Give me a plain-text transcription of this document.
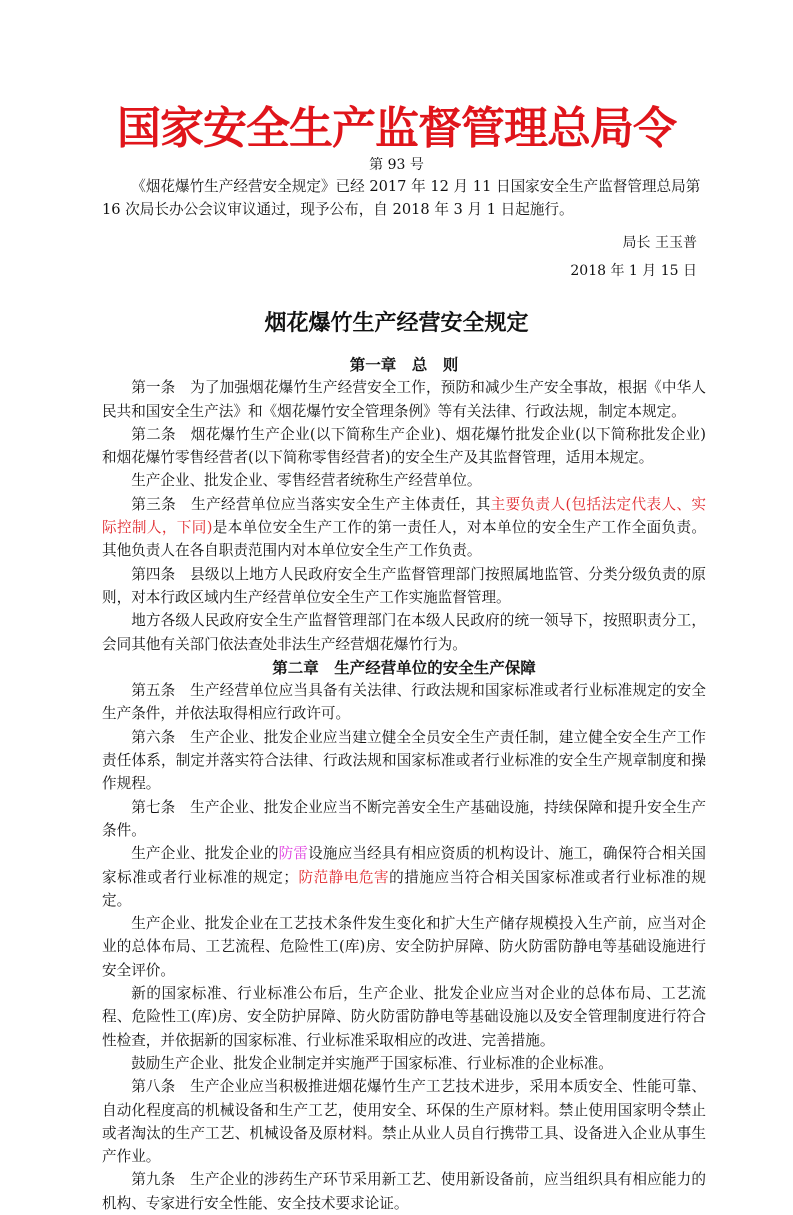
国家安全生产监督管理总局令
第 93 号
《烟花爆竹生产经营安全规定》已经 2017 年 12 月 11 日国家安全生产监督管理总局第 16 次局长办公会议审议通过，现予公布，自 2018 年 3 月 1 日起施行。
局长 王玉普
2018 年 1 月 15 日
烟花爆竹生产经营安全规定
第一章　总　则

第一条　为了加强烟花爆竹生产经营安全工作，预防和减少生产安全事故，根据《中华人民共和国安全生产法》和《烟花爆竹安全管理条例》等有关法律、行政法规，制定本规定。

第二条　烟花爆竹生产企业(以下简称生产企业)、烟花爆竹批发企业(以下简称批发企业)和烟花爆竹零售经营者(以下简称零售经营者)的安全生产及其监督管理，适用本规定。

生产企业、批发企业、零售经营者统称生产经营单位。

第三条　生产经营单位应当落实安全生产主体责任，其主要负责人(包括法定代表人、实际控制人，下同)是本单位安全生产工作的第一责任人，对本单位的安全生产工作全面负责。其他负责人在各自职责范围内对本单位安全生产工作负责。

第四条　县级以上地方人民政府安全生产监督管理部门按照属地监管、分类分级负责的原则，对本行政区域内生产经营单位安全生产工作实施监督管理。

地方各级人民政府安全生产监督管理部门在本级人民政府的统一领导下，按照职责分工，会同其他有关部门依法查处非法生产经营烟花爆竹行为。

第二章　生产经营单位的安全生产保障

第五条　生产经营单位应当具备有关法律、行政法规和国家标准或者行业标准规定的安全生产条件，并依法取得相应行政许可。

第六条　生产企业、批发企业应当建立健全全员安全生产责任制，建立健全安全生产工作责任体系，制定并落实符合法律、行政法规和国家标准或者行业标准的安全生产规章制度和操作规程。

第七条　生产企业、批发企业应当不断完善安全生产基础设施，持续保障和提升安全生产条件。

生产企业、批发企业的防雷设施应当经具有相应资质的机构设计、施工，确保符合相关国家标准或者行业标准的规定；防范静电危害的措施应当符合相关国家标准或者行业标准的规定。

生产企业、批发企业在工艺技术条件发生变化和扩大生产储存规模投入生产前，应当对企业的总体布局、工艺流程、危险性工(库)房、安全防护屏障、防火防雷防静电等基础设施进行安全评价。

新的国家标准、行业标准公布后，生产企业、批发企业应当对企业的总体布局、工艺流程、危险性工(库)房、安全防护屏障、防火防雷防静电等基础设施以及安全管理制度进行符合性检查，并依据新的国家标准、行业标准采取相应的改进、完善措施。

鼓励生产企业、批发企业制定并实施严于国家标准、行业标准的企业标准。

第八条　生产企业应当积极推进烟花爆竹生产工艺技术进步，采用本质安全、性能可靠、自动化程度高的机械设备和生产工艺，使用安全、环保的生产原材料。禁止使用国家明令禁止或者淘汰的生产工艺、机械设备及原材料。禁止从业人员自行携带工具、设备进入企业从事生产作业。

第九条　生产企业的涉药生产环节采用新工艺、使用新设备前，应当组织具有相应能力的机构、专家进行安全性能、安全技术要求论证。
